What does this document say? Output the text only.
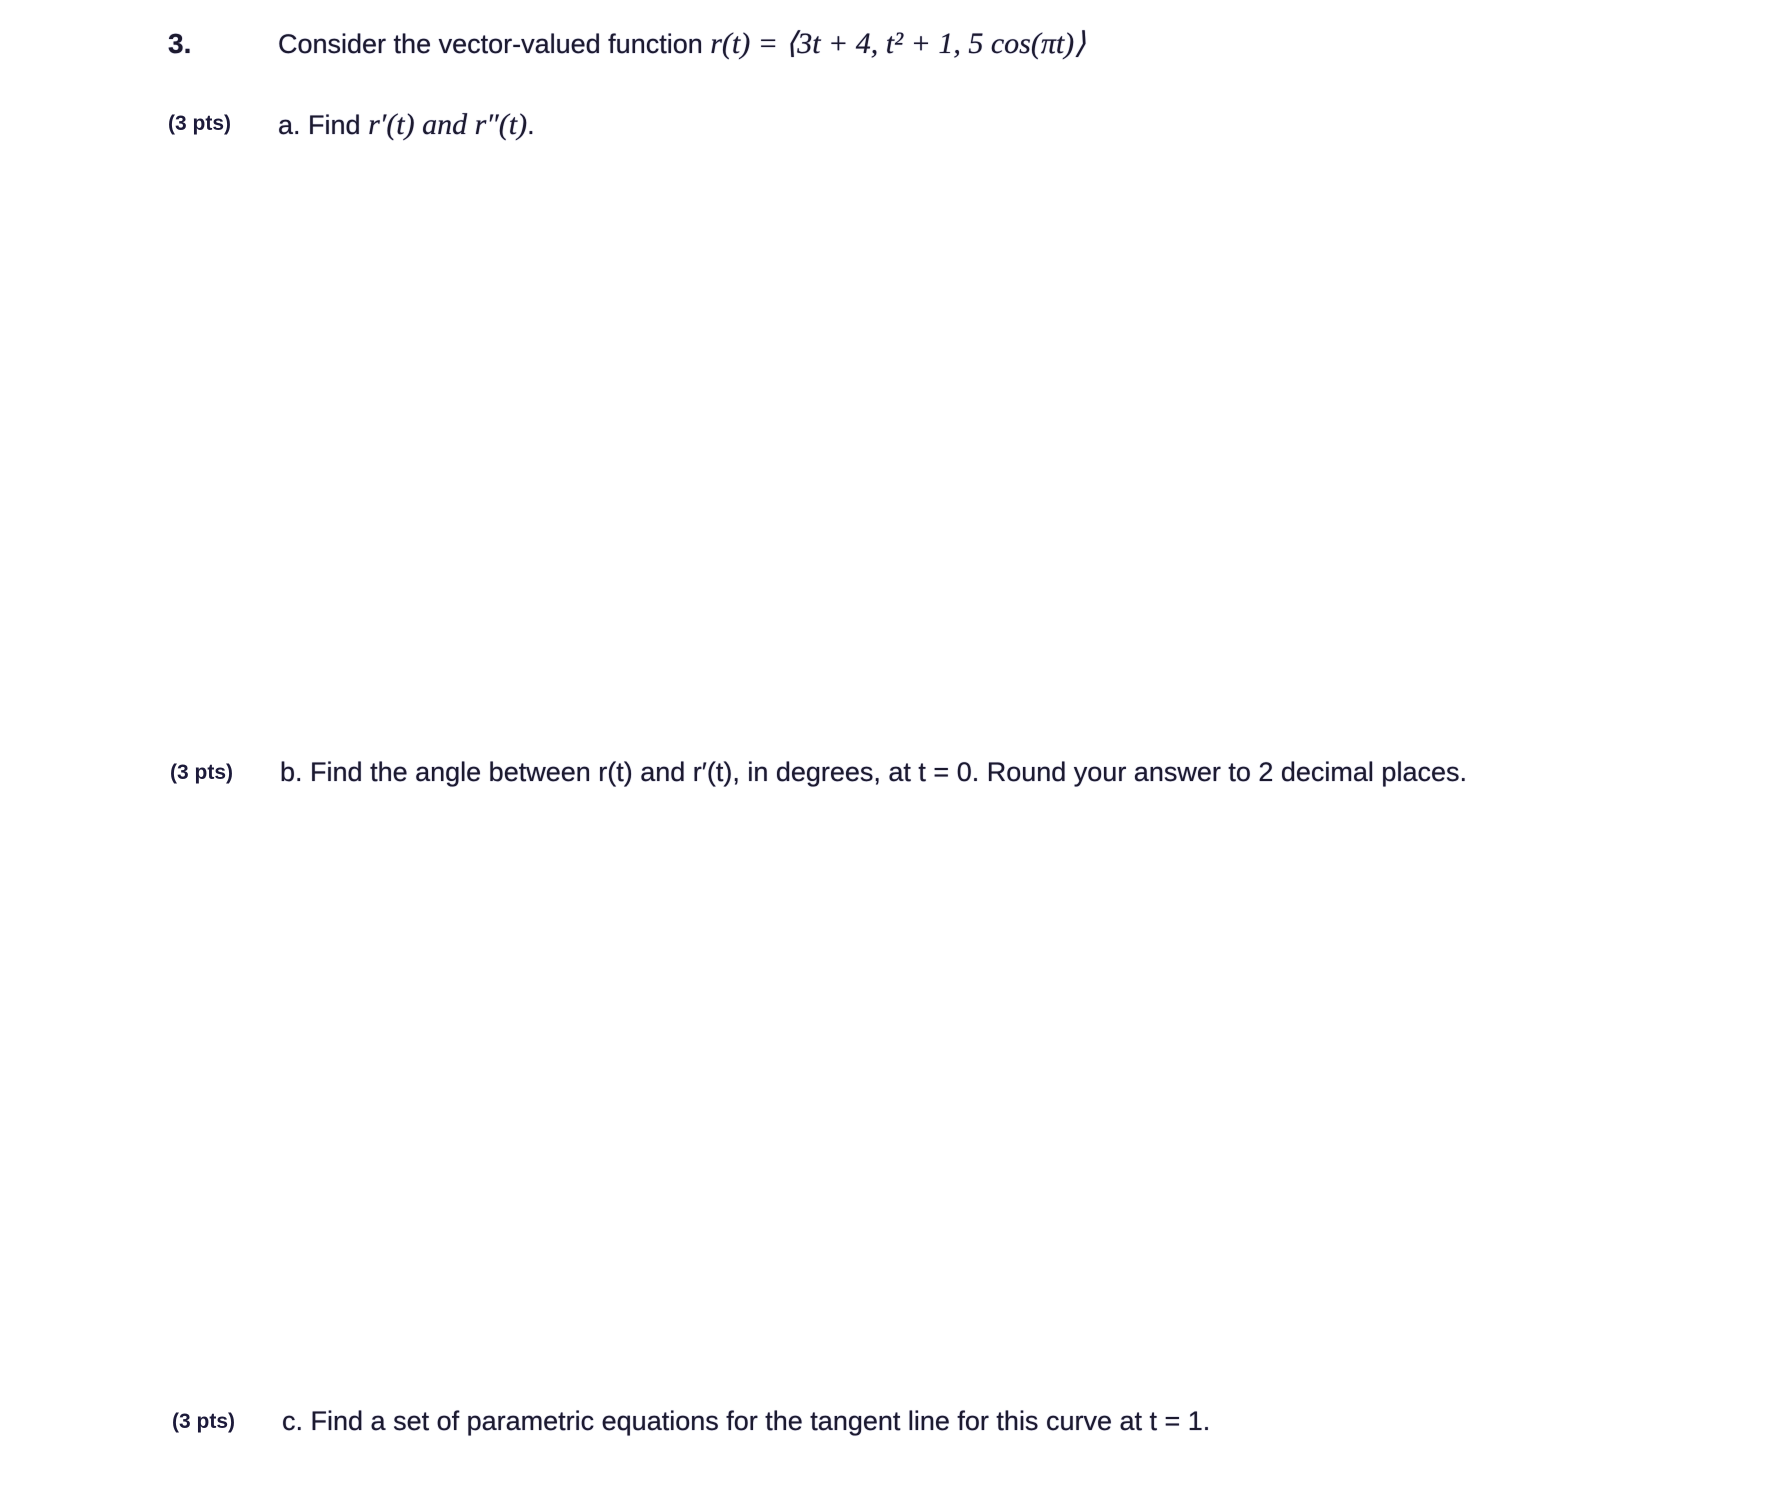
3.	Consider the vector-valued function r(t) = ⟨3t + 4, t² + 1, 5 cos(πt)⟩
(3 pts) a. Find r′(t) and r″(t).
(3 pts) b. Find the angle between r(t) and r′(t), in degrees, at t = 0. Round your answer to 2 decimal places.
(3 pts) c. Find a set of parametric equations for the tangent line for this curve at t = 1.
